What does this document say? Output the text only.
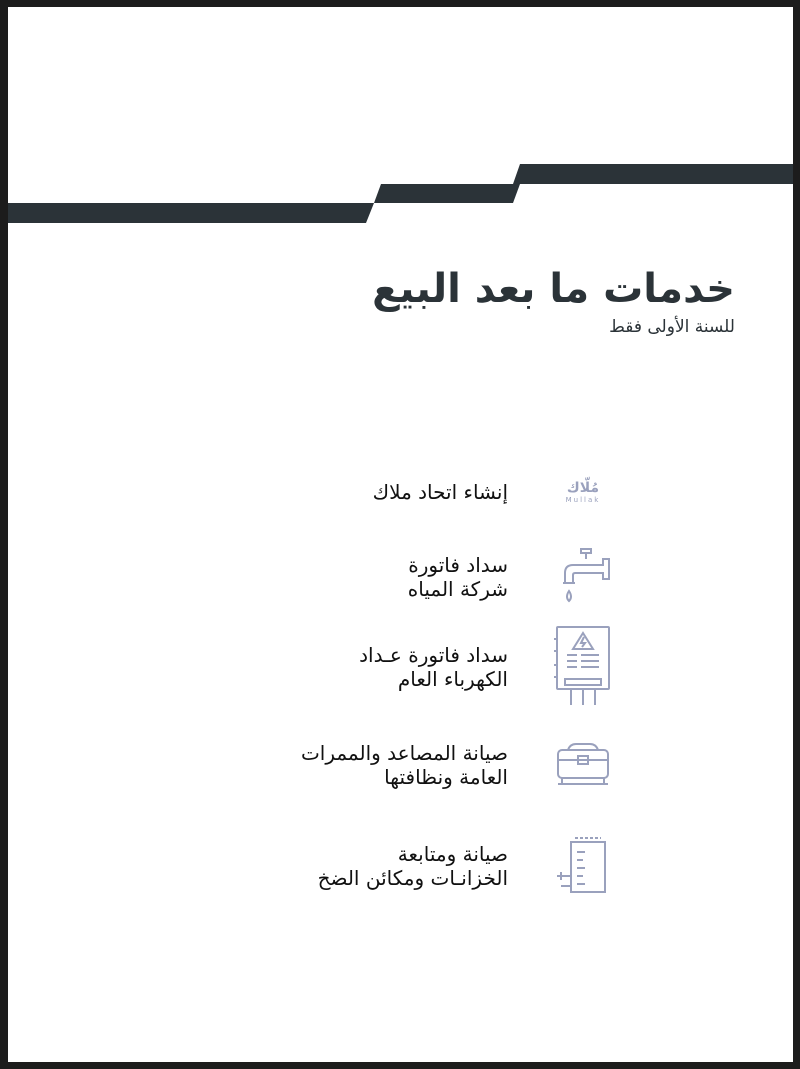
خدمات ما بعد البيع
للسنة الأولى فقط
مُلّاك
Mullak
إنشاء اتحاد ملاك
سداد فاتورة
شركة المياه
سداد فاتورة عـداد
الكهرباء العام
صيانة المصاعد والممرات
العامة ونظافتها
صيانة ومتابعة
الخزانـات ومكائن الضخ
